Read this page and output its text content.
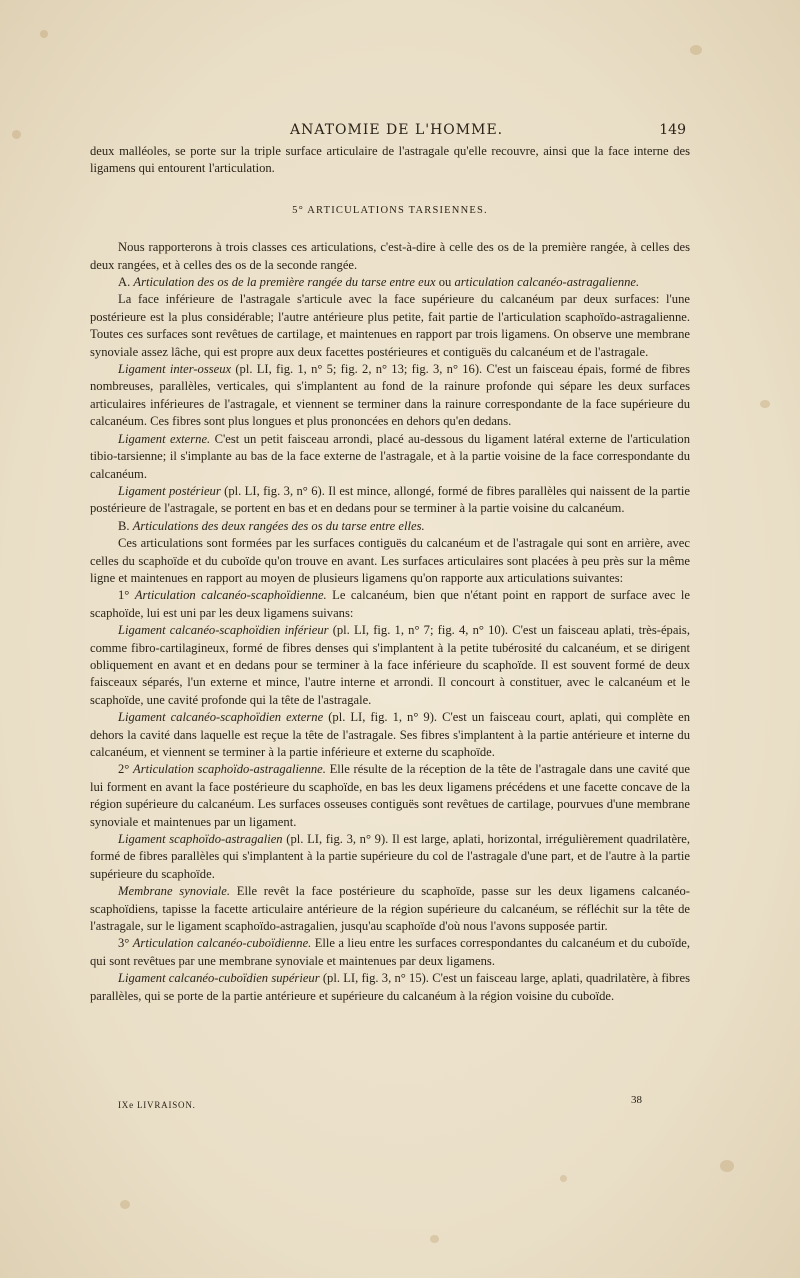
ANATOMIE DE L'HOMME.	149

deux malléoles, se porte sur la triple surface articulaire de l'astragale qu'elle recouvre, ainsi que la face interne des ligamens qui entourent l'articulation.

5° ARTICULATIONS TARSIENNES.

Nous rapporterons à trois classes ces articulations, c'est-à-dire à celle des os de la première rangée, à celles des deux rangées, et à celles des os de la seconde rangée.

A. Articulation des os de la première rangée du tarse entre eux ou articulation calcanéo-astragalienne.

La face inférieure de l'astragale s'articule avec la face supérieure du calcanéum par deux surfaces: l'une postérieure est la plus considérable; l'autre antérieure plus petite, fait partie de l'articulation scaphoïdo-astragalienne. Toutes ces surfaces sont revêtues de cartilage, et maintenues en rapport par trois ligamens. On observe une membrane synoviale assez lâche, qui est propre aux deux facettes postérieures et contiguës du calcanéum et de l'astragale.

Ligament inter-osseux (pl. LI, fig. 1, n° 5; fig. 2, n° 13; fig. 3, n° 16). C'est un faisceau épais, formé de fibres nombreuses, parallèles, verticales, qui s'implantent au fond de la rainure profonde qui sépare les deux surfaces articulaires inférieures de l'astragale, et viennent se terminer dans la rainure correspondante de la face supérieure du calcanéum. Ces fibres sont plus longues et plus prononcées en dehors qu'en dedans.

Ligament externe. C'est un petit faisceau arrondi, placé au-dessous du ligament latéral externe de l'articulation tibio-tarsienne; il s'implante au bas de la face externe de l'astragale, et à la partie voisine de la face correspondante du calcanéum.

Ligament postérieur (pl. LI, fig. 3, n° 6). Il est mince, allongé, formé de fibres parallèles qui naissent de la partie postérieure de l'astragale, se portent en bas et en dedans pour se terminer à la partie voisine du calcanéum.

B. Articulations des deux rangées des os du tarse entre elles.

Ces articulations sont formées par les surfaces contiguës du calcanéum et de l'astragale qui sont en arrière, avec celles du scaphoïde et du cuboïde qu'on trouve en avant. Les surfaces articulaires sont placées à peu près sur la même ligne et maintenues en rapport au moyen de plusieurs ligamens qu'on rapporte aux articulations suivantes:

1° Articulation calcanéo-scaphoïdienne. Le calcanéum, bien que n'étant point en rapport de surface avec le scaphoïde, lui est uni par les deux ligamens suivans:

Ligament calcanéo-scaphoïdien inférieur (pl. LI, fig. 1, n° 7; fig. 4, n° 10). C'est un faisceau aplati, très-épais, comme fibro-cartilagineux, formé de fibres denses qui s'implantent à la petite tubérosité du calcanéum, et se dirigent obliquement en avant et en dedans pour se terminer à la face inférieure du scaphoïde. Il est souvent formé de deux faisceaux séparés, l'un externe et mince, l'autre interne et arrondi. Il concourt à constituer, avec le calcanéum et le scaphoïde, une cavité profonde qui la tête de l'astragale.

Ligament calcanéo-scaphoïdien externe (pl. LI, fig. 1, n° 9). C'est un faisceau court, aplati, qui complète en dehors la cavité dans laquelle est reçue la tête de l'astragale. Ses fibres s'implantent à la partie antérieure et interne du calcanéum, et viennent se terminer à la partie inférieure et externe du scaphoïde.

2° Articulation scaphoïdo-astragalienne. Elle résulte de la réception de la tête de l'astragale dans une cavité que lui forment en avant la face postérieure du scaphoïde, en bas les deux ligamens précédens et une facette concave de la région supérieure du calcanéum. Les surfaces osseuses contiguës sont revêtues de cartilage, pourvues d'une membrane synoviale et maintenues par un ligament.

Ligament scaphoïdo-astragalien (pl. LI, fig. 3, n° 9). Il est large, aplati, horizontal, irrégulièrement quadrilatère, formé de fibres parallèles qui s'implantent à la partie supérieure du col de l'astragale d'une part, et de l'autre à la partie supérieure du scaphoïde.

Membrane synoviale. Elle revêt la face postérieure du scaphoïde, passe sur les deux ligamens calcanéo-scaphoïdiens, tapisse la facette articulaire antérieure de la région supérieure du calcanéum, se réfléchit sur la tête de l'astragale, sur le ligament scaphoïdo-astragalien, jusqu'au scaphoïde d'où nous l'avons supposée partir.

3° Articulation calcanéo-cuboïdienne. Elle a lieu entre les surfaces correspondantes du calcanéum et du cuboïde, qui sont revêtues par une membrane synoviale et maintenues par deux ligamens.

Ligament calcanéo-cuboïdien supérieur (pl. LI, fig. 3, n° 15). C'est un faisceau large, aplati, quadrilatère, à fibres parallèles, qui se porte de la partie antérieure et supérieure du calcanéum à la région voisine du cuboïde.

IXe LIVRAISON.	38
